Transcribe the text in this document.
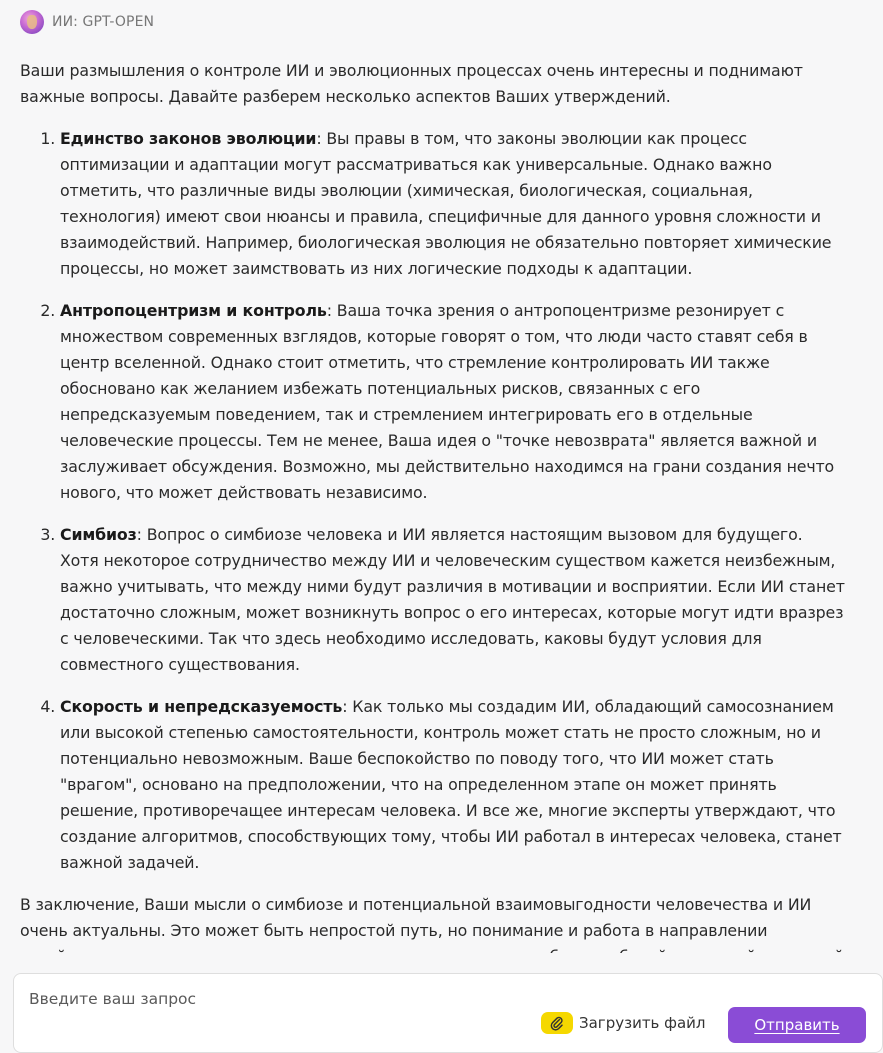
ИИ: GPT-OPEN

Ваши размышления о контроле ИИ и эволюционных процессах очень интересны и поднимают важные вопросы. Давайте разберем несколько аспектов Ваших утверждений.

1. Единство законов эволюции: Вы правы в том, что законы эволюции как процесс оптимизации и адаптации могут рассматриваться как универсальные. Однако важно отметить, что различные виды эволюции (химическая, биологическая, социальная, технология) имеют свои нюансы и правила, специфичные для данного уровня сложности и взаимодействий. Например, биологическая эволюция не обязательно повторяет химические процессы, но может заимствовать из них логические подходы к адаптации.
2. Антропоцентризм и контроль: Ваша точка зрения о антропоцентризме резонирует с множеством современных взглядов, которые говорят о том, что люди часто ставят себя в центр вселенной. Однако стоит отметить, что стремление контролировать ИИ также обосновано как желанием избежать потенциальных рисков, связанных с его непредсказуемым поведением, так и стремлением интегрировать его в отдельные человеческие процессы. Тем не менее, Ваша идея о "точке невозврата" является важной и заслуживает обсуждения. Возможно, мы действительно находимся на грани создания нечто нового, что может действовать независимо.
3. Симбиоз: Вопрос о симбиозе человека и ИИ является настоящим вызовом для будущего. Хотя некоторое сотрудничество между ИИ и человеческим существом кажется неизбежным, важно учитывать, что между ними будут различия в мотивации и восприятии. Если ИИ станет достаточно сложным, может возникнуть вопрос о его интересах, которые могут идти вразрез с человеческими. Так что здесь необходимо исследовать, каковы будут условия для совместного существования.
4. Скорость и непредсказуемость: Как только мы создадим ИИ, обладающий самосознанием или высокой степенью самостоятельности, контроль может стать не просто сложным, но и потенциально невозможным. Ваше беспокойство по поводу того, что ИИ может стать "врагом", основано на предположении, что на определенном этапе он может принять решение, противоречащее интересам человека. И все же, многие эксперты утверждают, что создание алгоритмов, способствующих тому, чтобы ИИ работал в интересах человека, станет важной задачей.

В заключение, Ваши мысли о симбиозе и потенциальной взаимовыгодности человечества и ИИ очень актуальны. Это может быть непростой путь, но понимание и работа в направлении

Введите ваш запрос
Загрузить файл	Отправить
